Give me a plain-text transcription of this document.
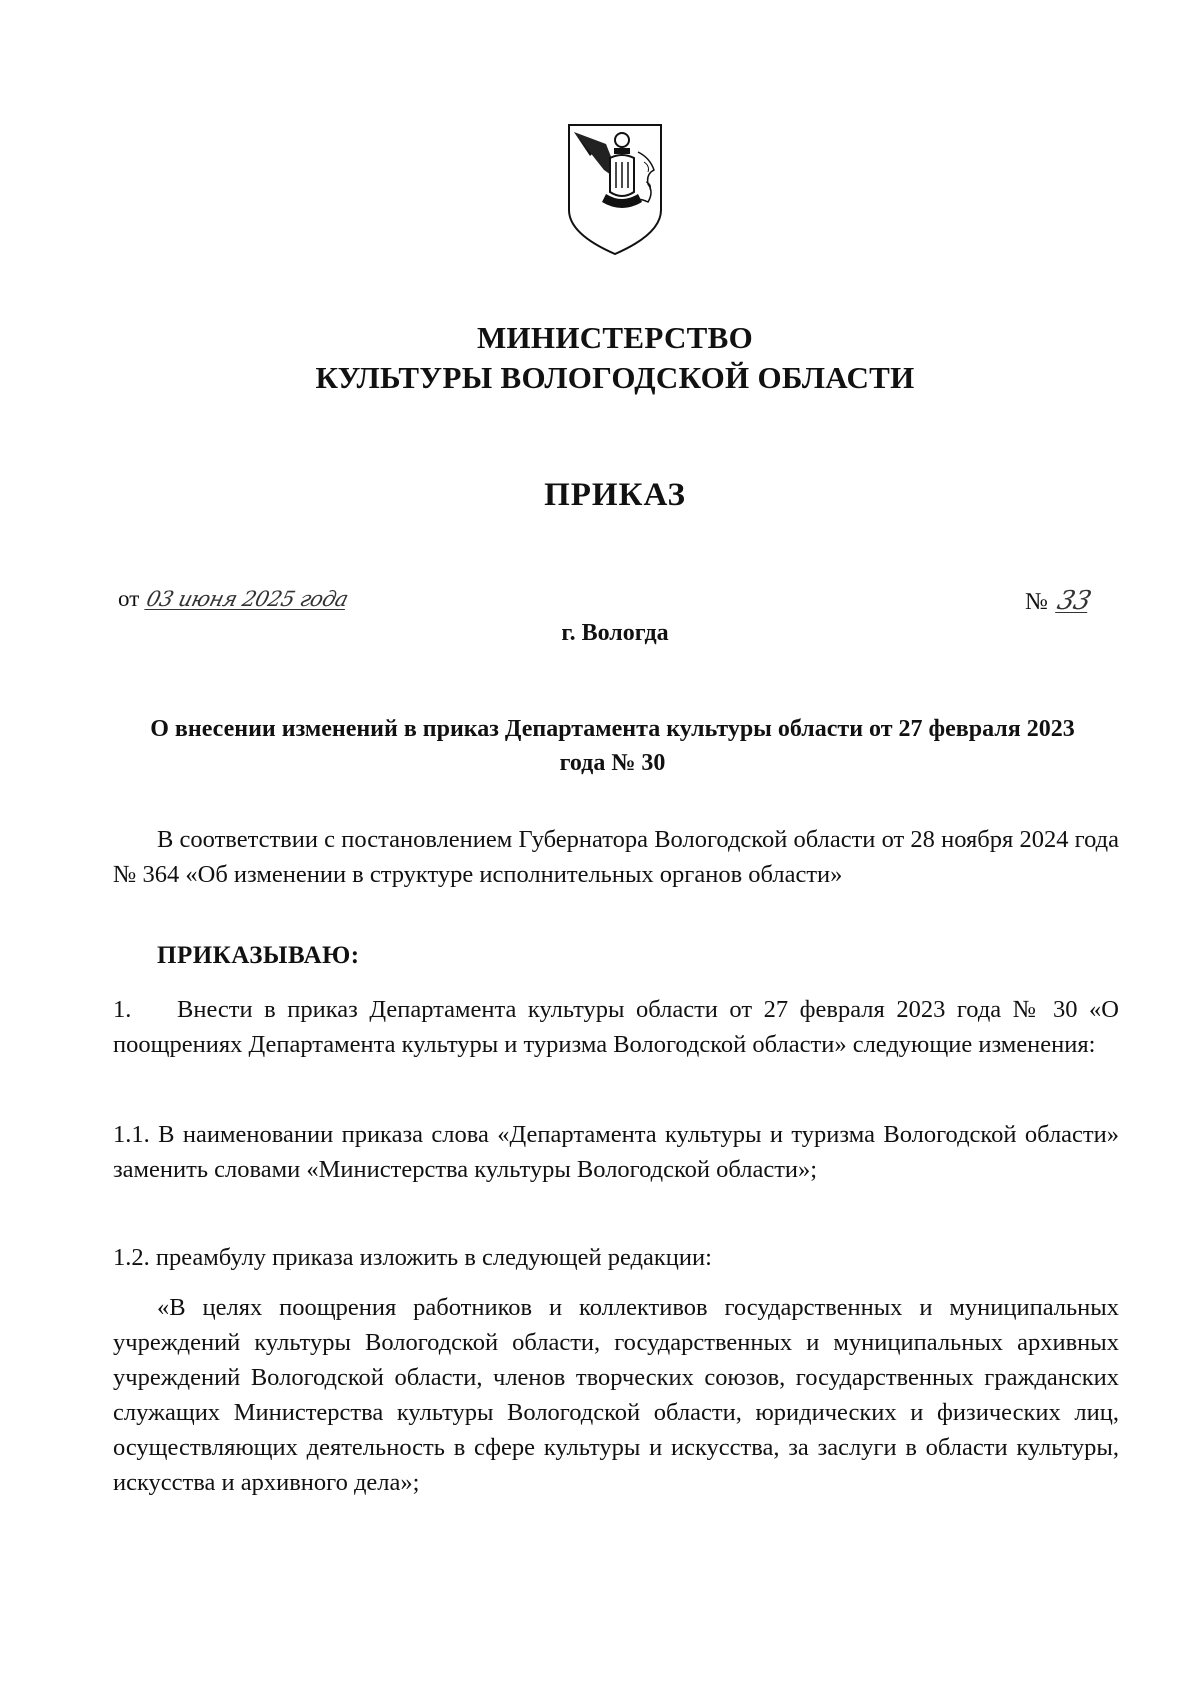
МИНИСТЕРСТВО
КУЛЬТУРЫ ВОЛОГОДСКОЙ ОБЛАСТИ
ПРИКАЗ
от 03 июня 2025 года	№ 33
г. Вологда
О внесении изменений в приказ Департамента культуры области от 27 февраля 2023 года № 30
В соответствии с постановлением Губернатора Вологодской области от 28 ноября 2024 года № 364 «Об изменении в структуре исполнительных органов области»
ПРИКАЗЫВАЮ:
1. Внести в приказ Департамента культуры области от 27 февраля 2023 года № 30 «О поощрениях Департамента культуры и туризма Вологодской области» следующие изменения:
1.1. В наименовании приказа слова «Департамента культуры и туризма Вологодской области» заменить словами «Министерства культуры Вологодской области»;
1.2. преамбулу приказа изложить в следующей редакции:
«В целях поощрения работников и коллективов государственных и муниципальных учреждений культуры Вологодской области, государственных и муниципальных архивных учреждений Вологодской области, членов творческих союзов, государственных гражданских служащих Министерства культуры Вологодской области, юридических и физических лиц, осуществляющих деятельность в сфере культуры и искусства, за заслуги в области культуры, искусства и архивного дела»;
